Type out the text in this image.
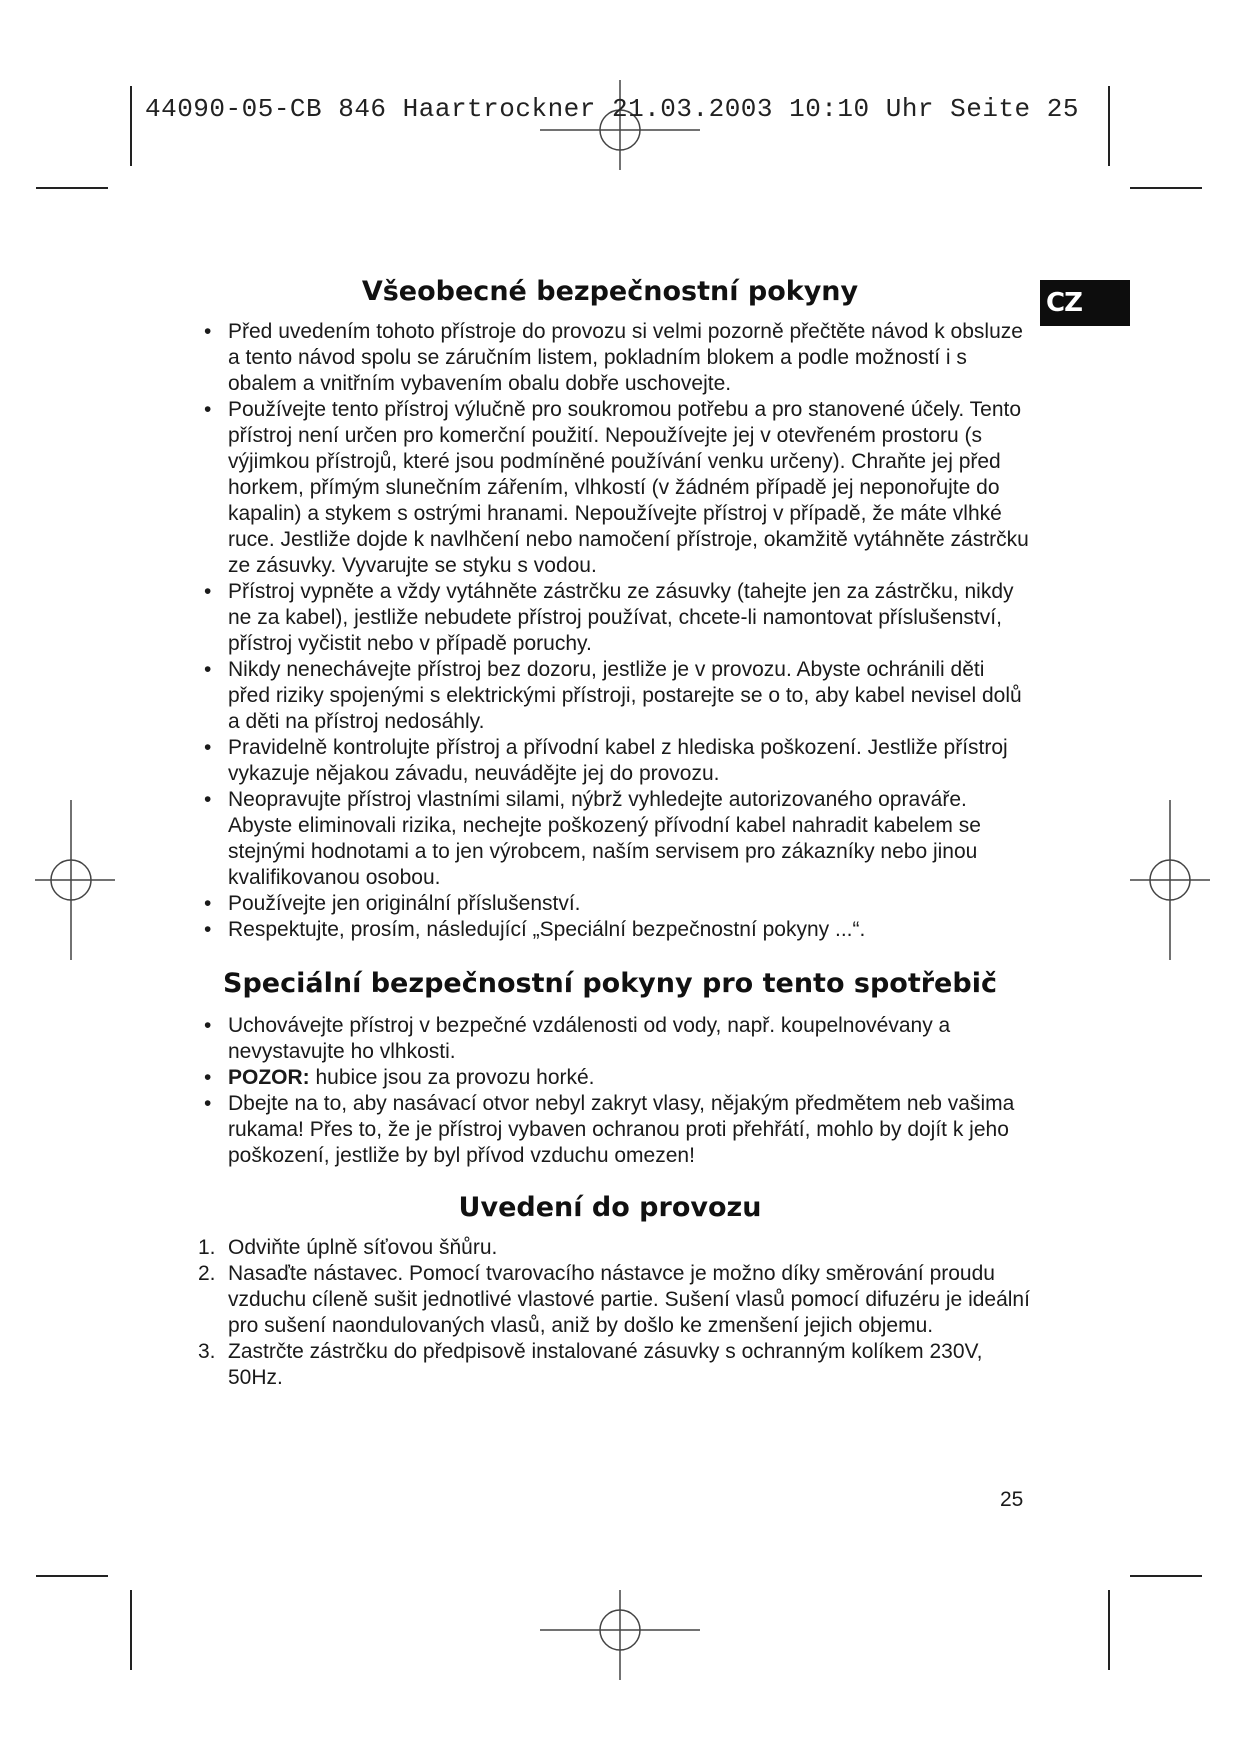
44090-05-CB 846 Haartrockner 21.03.2003 10:10 Uhr Seite 25
CZ
Všeobecné bezpečnostní pokyny
• Před uvedením tohoto přístroje do provozu si velmi pozorně přečtěte návod k obsluze a tento návod spolu se záručním listem, pokladním blokem a podle možností i s obalem a vnitřním vybavením obalu dobře uschovejte.
• Používejte tento přístroj výlučně pro soukromou potřebu a pro stanovené účely. Tento přístroj není určen pro komerční použití. Nepoužívejte jej v otevřeném prostoru (s výjimkou přístrojů, které jsou podmíněné používání venku určeny). Chraňte jej před horkem, přímým slunečním zářením, vlhkostí (v žádném případě jej neponořujte do kapalin) a stykem s ostrými hranami. Nepoužívejte přístroj v případě, že máte vlhké ruce. Jestliže dojde k navlhčení nebo namočení přístroje, okamžitě vytáhněte zástrčku ze zásuvky. Vyvarujte se styku s vodou.
• Přístroj vypněte a vždy vytáhněte zástrčku ze zásuvky (tahejte jen za zástrčku, nikdy ne za kabel), jestliže nebudete přístroj používat, chcete-li namontovat příslušenství, přístroj vyčistit nebo v případě poruchy.
• Nikdy nenechávejte přístroj bez dozoru, jestliže je v provozu. Abyste ochránili děti před riziky spojenými s elektrickými přístroji, postarejte se o to, aby kabel nevisel dolů a děti na přístroj nedosáhly.
• Pravidelně kontrolujte přístroj a přívodní kabel z hlediska poškození. Jestliže přístroj vykazuje nějakou závadu, neuvádějte jej do provozu.
• Neopravujte přístroj vlastními silami, nýbrž vyhledejte autorizovaného opraváře. Abyste eliminovali rizika, nechejte poškozený přívodní kabel nahradit kabelem se stejnými hodnotami a to jen výrobcem, naším servisem pro zákazníky nebo jinou kvalifikovanou osobou.
• Používejte jen originální příslušenství.
• Respektujte, prosím, následující „Speciální bezpečnostní pokyny ...“.
Speciální bezpečnostní pokyny pro tento spotřebič
• Uchovávejte přístroj v bezpečné vzdálenosti od vody, např. koupelnovévany a nevystavujte ho vlhkosti.
• POZOR: hubice jsou za provozu horké.
• Dbejte na to, aby nasávací otvor nebyl zakryt vlasy, nějakým předmětem neb vašima rukama! Přes to, že je přístroj vybaven ochranou proti přehřátí, mohlo by dojít k jeho poškození, jestliže by byl přívod vzduchu omezen!
Uvedení do provozu
1. Odviňte úplně síťovou šňůru.
2. Nasaďte nástavec. Pomocí tvarovacího nástavce je možno díky směrování proudu vzduchu cíleně sušit jednotlivé vlastové partie. Sušení vlasů pomocí difuzéru je ideální pro sušení naondulovaných vlasů, aniž by došlo ke zmenšení jejich objemu.
3. Zastrčte zástrčku do předpisově instalované zásuvky s ochranným kolíkem 230V, 50Hz.
25
